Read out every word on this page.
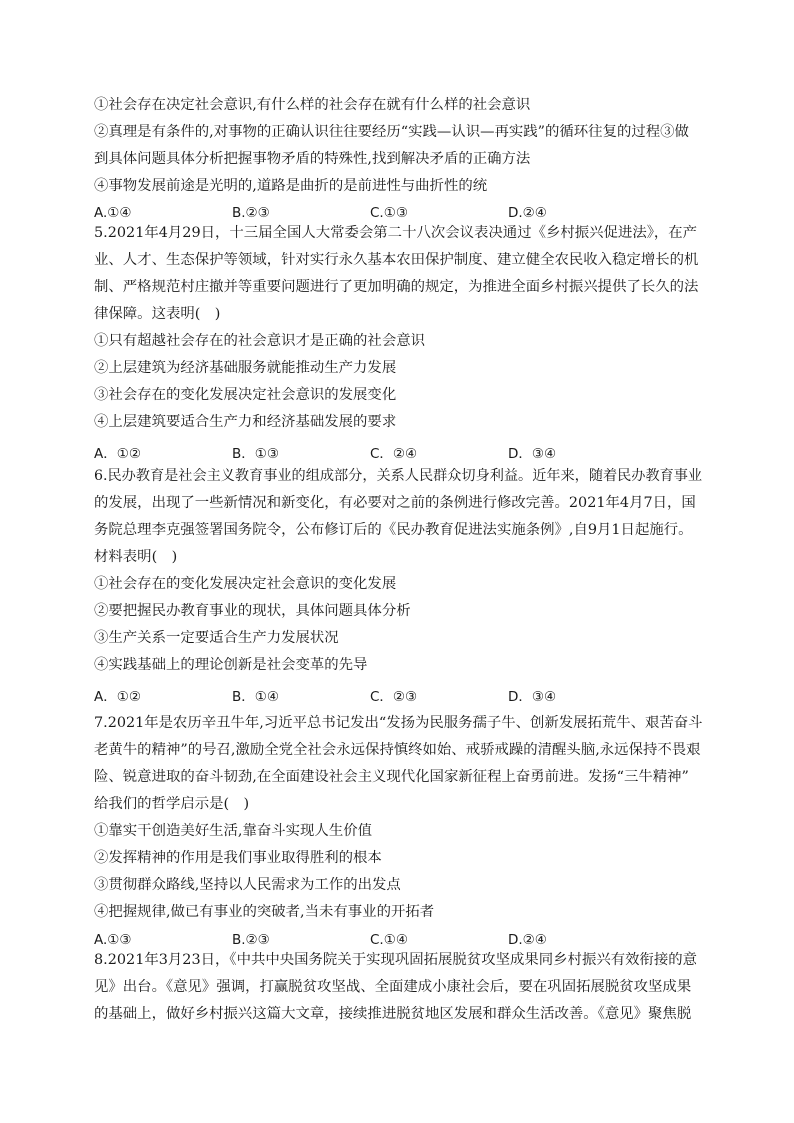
①社会存在决定社会意识,有什么样的社会存在就有什么样的社会意识
②真理是有条件的,对事物的正确认识往往要经历“实践—认识—再实践”的循环往复的过程③做
到具体问题具体分析把握事物矛盾的特殊性,找到解决矛盾的正确方法
④事物发展前途是光明的,道路是曲折的是前进性与曲折性的统
A.①④	B.②③	C.①③	D.②④
5.2021年4月29日，十三届全国人大常委会第二十八次会议表决通过《乡村振兴促进法》，在产
业、人才、生态保护等领域，针对实行永久基本农田保护制度、建立健全农民收入稳定增长的机
制、严格规范村庄撤并等重要问题进行了更加明确的规定，为推进全面乡村振兴提供了长久的法
律保障。这表明(　)
①只有超越社会存在的社会意识才是正确的社会意识
②上层建筑为经济基础服务就能推动生产力发展
③社会存在的变化发展决定社会意识的发展变化
④上层建筑要适合生产力和经济基础发展的要求
A．①②	B．①③	C．②④	D．③④
6.民办教育是社会主义教育事业的组成部分，关系人民群众切身利益。近年来，随着民办教育事业
的发展，出现了一些新情况和新变化，有必要对之前的条例进行修改完善。2021年4月7日，国
务院总理李克强签署国务院令，公布修订后的《民办教育促进法实施条例》,自9月1日起施行。
材料表明(　)
①社会存在的变化发展决定社会意识的变化发展
②要把握民办教育事业的现状，具体问题具体分析
③生产关系一定要适合生产力发展状况
④实践基础上的理论创新是社会变革的先导
A．①②	B．①④	C．②③	D．③④
7.2021年是农历辛丑牛年,习近平总书记发出“发扬为民服务孺子牛、创新发展拓荒牛、艰苦奋斗
老黄牛的精神”的号召,激励全党全社会永远保持慎终如始、戒骄戒躁的清醒头脑,永远保持不畏艰
险、锐意进取的奋斗韧劲,在全面建设社会主义现代化国家新征程上奋勇前进。发扬“三牛精神”
给我们的哲学启示是(　)
①靠实干创造美好生活,靠奋斗实现人生价值
②发挥精神的作用是我们事业取得胜利的根本
③贯彻群众路线,坚持以人民需求为工作的出发点
④把握规律,做已有事业的突破者,当未有事业的开拓者
A.①③	B.②③	C.①④	D.②④
8.2021年3月23日，《中共中央国务院关于实现巩固拓展脱贫攻坚成果同乡村振兴有效衔接的意
见》出台。《意见》强调，打赢脱贫攻坚战、全面建成小康社会后，要在巩固拓展脱贫攻坚成果
的基础上，做好乡村振兴这篇大文章，接续推进脱贫地区发展和群众生活改善。《意见》聚焦脱
